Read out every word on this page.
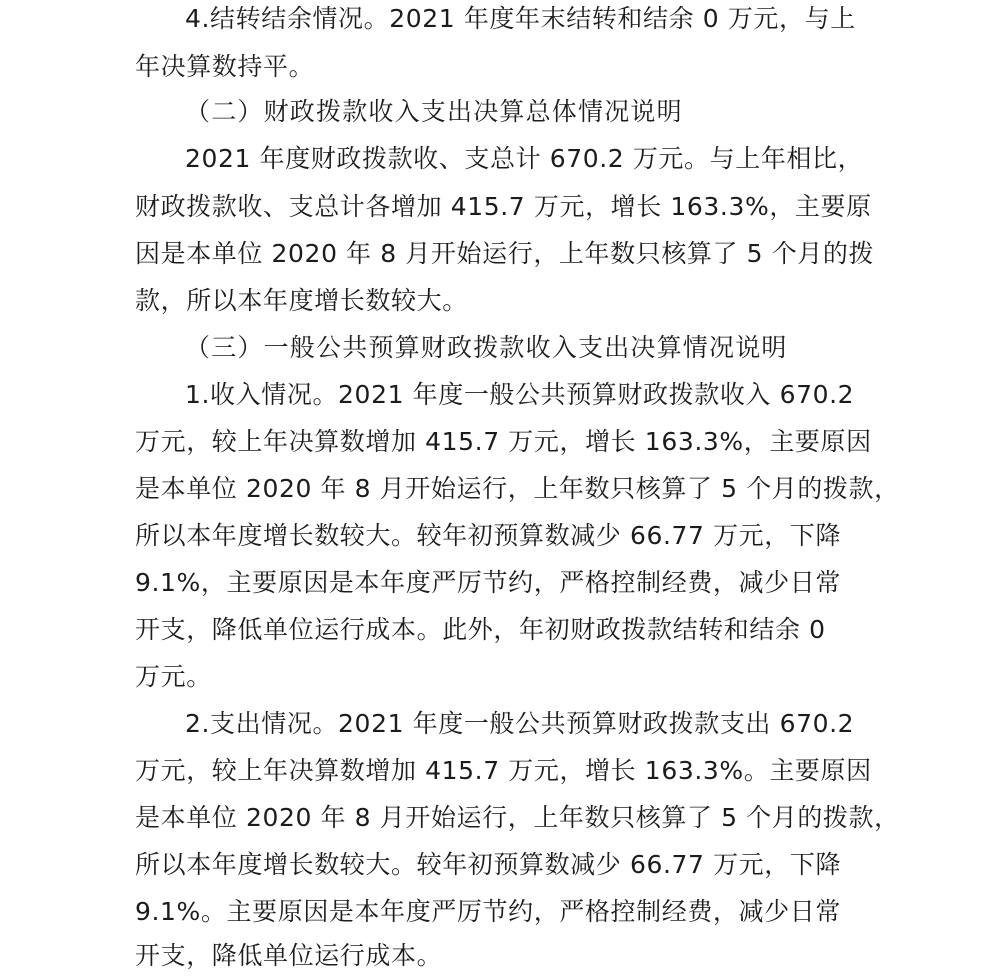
4.结转结余情况。2021 年度年末结转和结余 0 万元，与上
年决算数持平。
（二）财政拨款收入支出决算总体情况说明
2021 年度财政拨款收、支总计 670.2 万元。与上年相比，
财政拨款收、支总计各增加 415.7 万元，增长 163.3%，主要原
因是本单位 2020 年 8 月开始运行，上年数只核算了 5 个月的拨
款，所以本年度增长数较大。
（三）一般公共预算财政拨款收入支出决算情况说明
1.收入情况。2021 年度一般公共预算财政拨款收入 670.2
万元，较上年决算数增加 415.7 万元，增长 163.3%，主要原因
是本单位 2020 年 8 月开始运行，上年数只核算了 5 个月的拨款，
所以本年度增长数较大。较年初预算数减少 66.77 万元，下降
9.1%，主要原因是本年度严厉节约，严格控制经费，减少日常
开支，降低单位运行成本。此外，年初财政拨款结转和结余 0
万元。
2.支出情况。2021 年度一般公共预算财政拨款支出 670.2
万元，较上年决算数增加 415.7 万元，增长 163.3%。主要原因
是本单位 2020 年 8 月开始运行，上年数只核算了 5 个月的拨款，
所以本年度增长数较大。较年初预算数减少 66.77 万元，下降
9.1%。主要原因是本年度严厉节约，严格控制经费，减少日常
开支，降低单位运行成本。
